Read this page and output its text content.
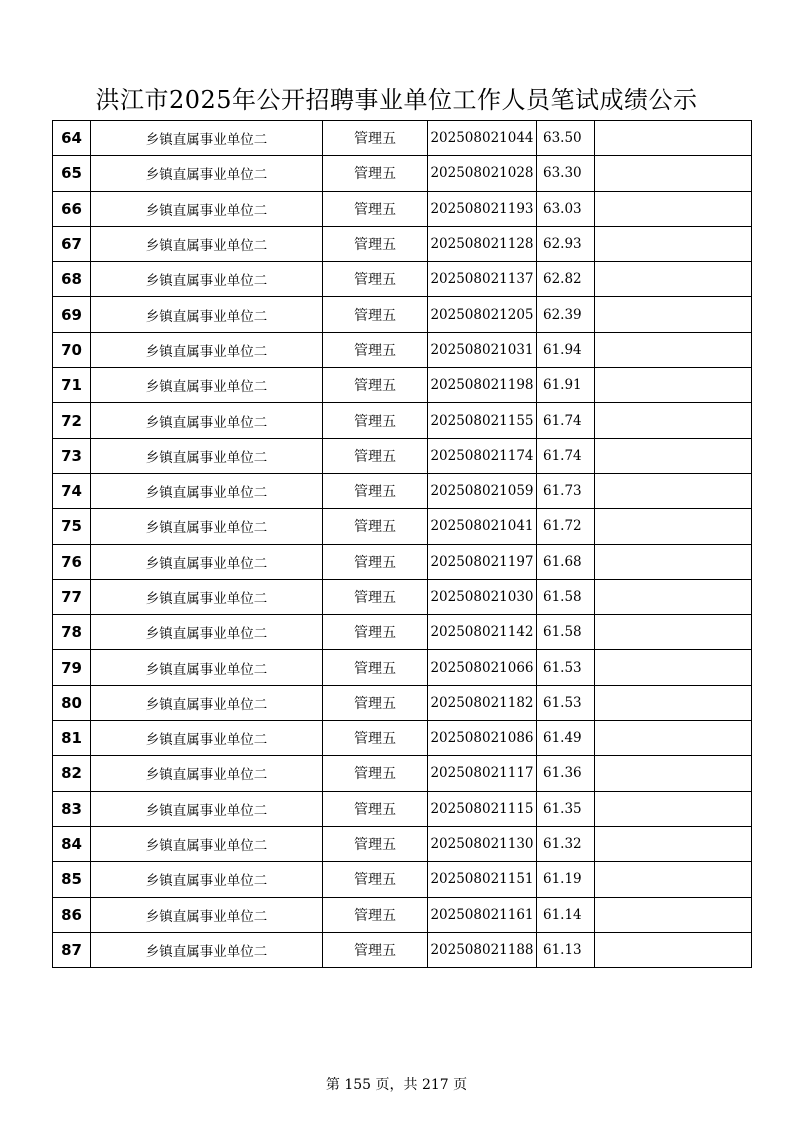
洪江市2025年公开招聘事业单位工作人员笔试成绩公示
64	乡镇直属事业单位二	管理五	202508021044	63.50	
65	乡镇直属事业单位二	管理五	202508021028	63.30	
66	乡镇直属事业单位二	管理五	202508021193	63.03	
67	乡镇直属事业单位二	管理五	202508021128	62.93	
68	乡镇直属事业单位二	管理五	202508021137	62.82	
69	乡镇直属事业单位二	管理五	202508021205	62.39	
70	乡镇直属事业单位二	管理五	202508021031	61.94	
71	乡镇直属事业单位二	管理五	202508021198	61.91	
72	乡镇直属事业单位二	管理五	202508021155	61.74	
73	乡镇直属事业单位二	管理五	202508021174	61.74	
74	乡镇直属事业单位二	管理五	202508021059	61.73	
75	乡镇直属事业单位二	管理五	202508021041	61.72	
76	乡镇直属事业单位二	管理五	202508021197	61.68	
77	乡镇直属事业单位二	管理五	202508021030	61.58	
78	乡镇直属事业单位二	管理五	202508021142	61.58	
79	乡镇直属事业单位二	管理五	202508021066	61.53	
80	乡镇直属事业单位二	管理五	202508021182	61.53	
81	乡镇直属事业单位二	管理五	202508021086	61.49	
82	乡镇直属事业单位二	管理五	202508021117	61.36	
83	乡镇直属事业单位二	管理五	202508021115	61.35	
84	乡镇直属事业单位二	管理五	202508021130	61.32	
85	乡镇直属事业单位二	管理五	202508021151	61.19	
86	乡镇直属事业单位二	管理五	202508021161	61.14	
87	乡镇直属事业单位二	管理五	202508021188	61.13	
第 155 页，共 217 页
